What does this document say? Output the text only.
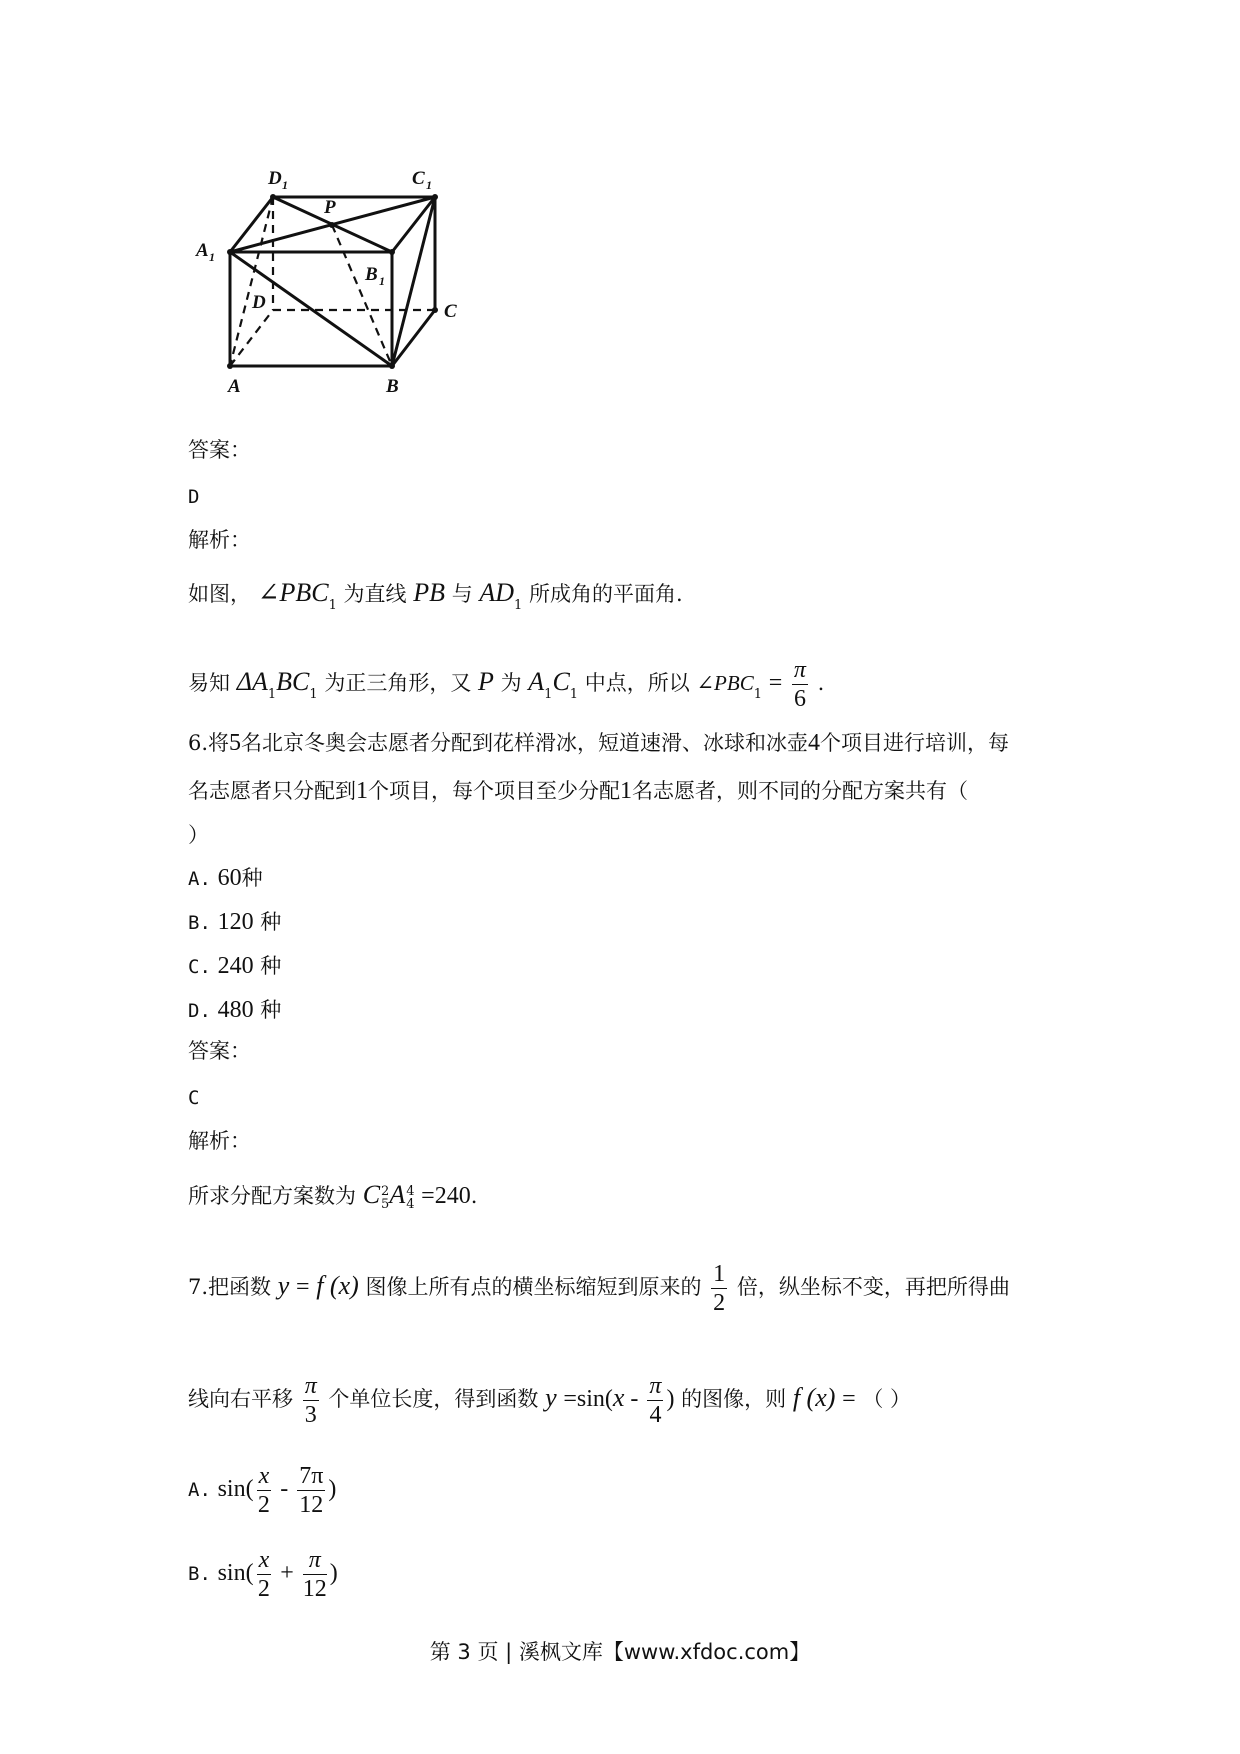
D 1	C 1
P
A 1
B 1
D	C
A	B
答案：
D
解析：
如图， $\angle PBC_1$ 为直线 PB 与 $AD_1$ 所成角的平面角.
易知 $\Delta A_1BC_1$ 为正三角形，又 P 为 $A_1C_1$ 中点，所以 $\angle PBC_1 = \frac{\pi}{6}$ .
6.将5名北京冬奥会志愿者分配到花样滑冰，短道速滑、冰球和冰壶4个项目进行培训，每
名志愿者只分配到1个项目，每个项目至少分配1名志愿者，则不同的分配方案共有（
）
A. 60种
B. 120 种
C. 240 种
D. 480 种
答案：
C
解析：
所求分配方案数为 C 2
5 A 4
4 =240.
7.把函数 y = f (x) 图像上所有点的横坐标缩短到原来的 $\frac{1}{2}$ 倍，纵坐标不变，再把所得曲
线向右平移 $\frac{\pi}{3}$ 个单位长度，得到函数 $y =\sin(x - \frac{\pi}{4}$ ) 的图像，则 f (x) = （ ）
A. $\sin( \frac{x}{2} - \frac{7\pi}{12}$ )
B. $\sin( \frac{x}{2} + \frac{\pi}{12}$ )
第 3 页 | 溪枫文库【www.xfdoc.com】
